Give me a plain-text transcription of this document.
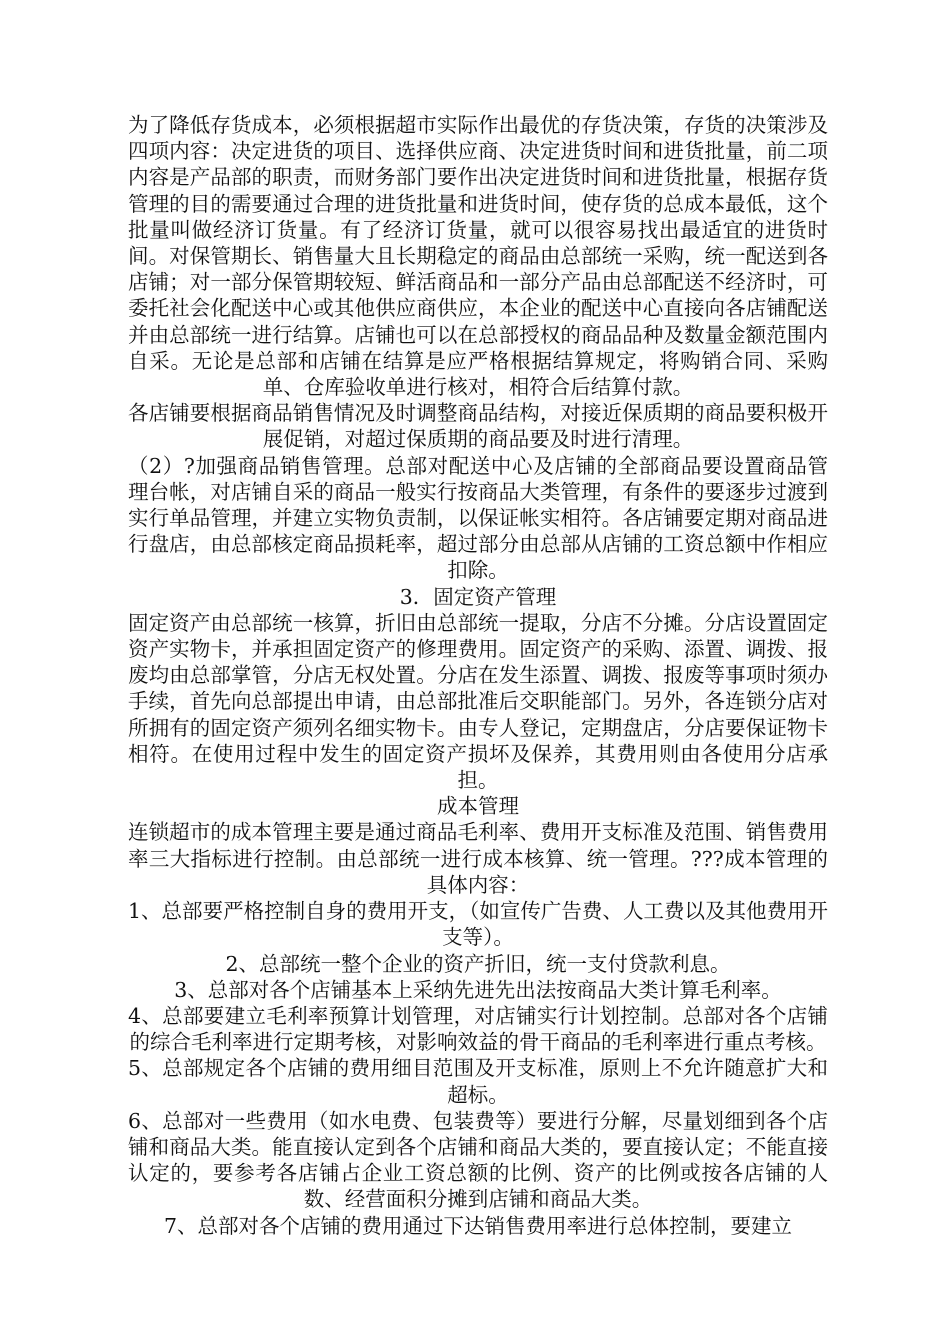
为了降低存货成本，必须根据超市实际作出最优的存货决策，存货的决策涉及四项内容：决定进货的项目、选择供应商、决定进货时间和进货批量，前二项内容是产品部的职责，而财务部门要作出决定进货时间和进货批量，根据存货管理的目的需要通过合理的进货批量和进货时间，使存货的总成本最低，这个批量叫做经济订货量。有了经济订货量，就可以很容易找出最适宜的进货时间。对保管期长、销售量大且长期稳定的商品由总部统一采购，统一配送到各店铺；对一部分保管期较短、鲜活商品和一部分产品由总部配送不经济时，可委托社会化配送中心或其他供应商供应，本企业的配送中心直接向各店铺配送并由总部统一进行结算。店铺也可以在总部授权的商品品种及数量金额范围内自采。无论是总部和店铺在结算是应严格根据结算规定，将购销合同、采购单、仓库验收单进行核对，相符合后结算付款。

各店铺要根据商品销售情况及时调整商品结构，对接近保质期的商品要积极开展促销，对超过保质期的商品要及时进行清理。

（2）?加强商品销售管理。总部对配送中心及店铺的全部商品要设置商品管理台帐，对店铺自采的商品一般实行按商品大类管理，有条件的要逐步过渡到实行单品管理，并建立实物负责制，以保证帐实相符。各店铺要定期对商品进行盘店，由总部核定商品损耗率，超过部分由总部从店铺的工资总额中作相应扣除。

3．固定资产管理

固定资产由总部统一核算，折旧由总部统一提取，分店不分摊。分店设置固定资产实物卡，并承担固定资产的修理费用。固定资产的采购、添置、调拨、报废均由总部掌管，分店无权处置。分店在发生添置、调拨、报废等事项时须办手续，首先向总部提出申请，由总部批准后交职能部门。另外，各连锁分店对所拥有的固定资产须列名细实物卡。由专人登记，定期盘店，分店要保证物卡相符。在使用过程中发生的固定资产损坏及保养，其费用则由各使用分店承担。

成本管理

连锁超市的成本管理主要是通过商品毛利率、费用开支标准及范围、销售费用率三大指标进行控制。由总部统一进行成本核算、统一管理。???成本管理的具体内容：

1、总部要严格控制自身的费用开支，（如宣传广告费、人工费以及其他费用开支等）。

2、总部统一整个企业的资产折旧，统一支付贷款利息。

3、总部对各个店铺基本上采纳先进先出法按商品大类计算毛利率。

4、总部要建立毛利率预算计划管理，对店铺实行计划控制。总部对各个店铺的综合毛利率进行定期考核，对影响效益的骨干商品的毛利率进行重点考核。

5、总部规定各个店铺的费用细目范围及开支标准，原则上不允许随意扩大和超标。

6、总部对一些费用（如水电费、包装费等）要进行分解，尽量划细到各个店铺和商品大类。能直接认定到各个店铺和商品大类的，要直接认定；不能直接认定的，要参考各店铺占企业工资总额的比例、资产的比例或按各店铺的人数、经营面积分摊到店铺和商品大类。

7、总部对各个店铺的费用通过下达销售费用率进行总体控制，要建立
